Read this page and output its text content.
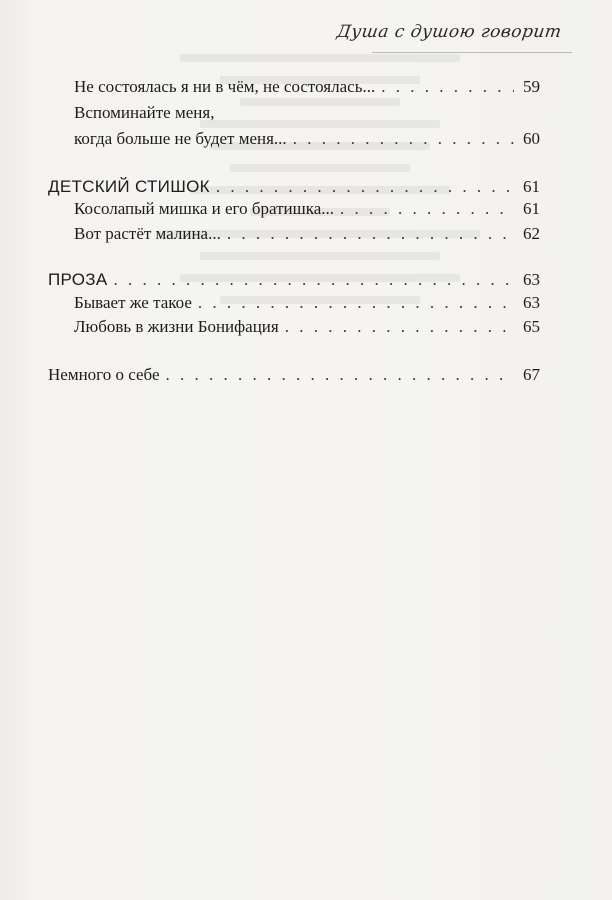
Душа с душою говорит
Не состоялась я ни в чём, не состоялась... . . .	59
Вспоминайте меня,
когда больше не будет меня... . . .	60
ДЕТСКИЙ СТИШОК . . .	61
Косолапый мишка и его братишка... . . .	61
Вот растёт малина... . . .	62
ПРОЗА . . .	63
Бывает же такое . . .	63
Любовь в жизни Бонифация . . .	65
Немного о себе . . .	67
